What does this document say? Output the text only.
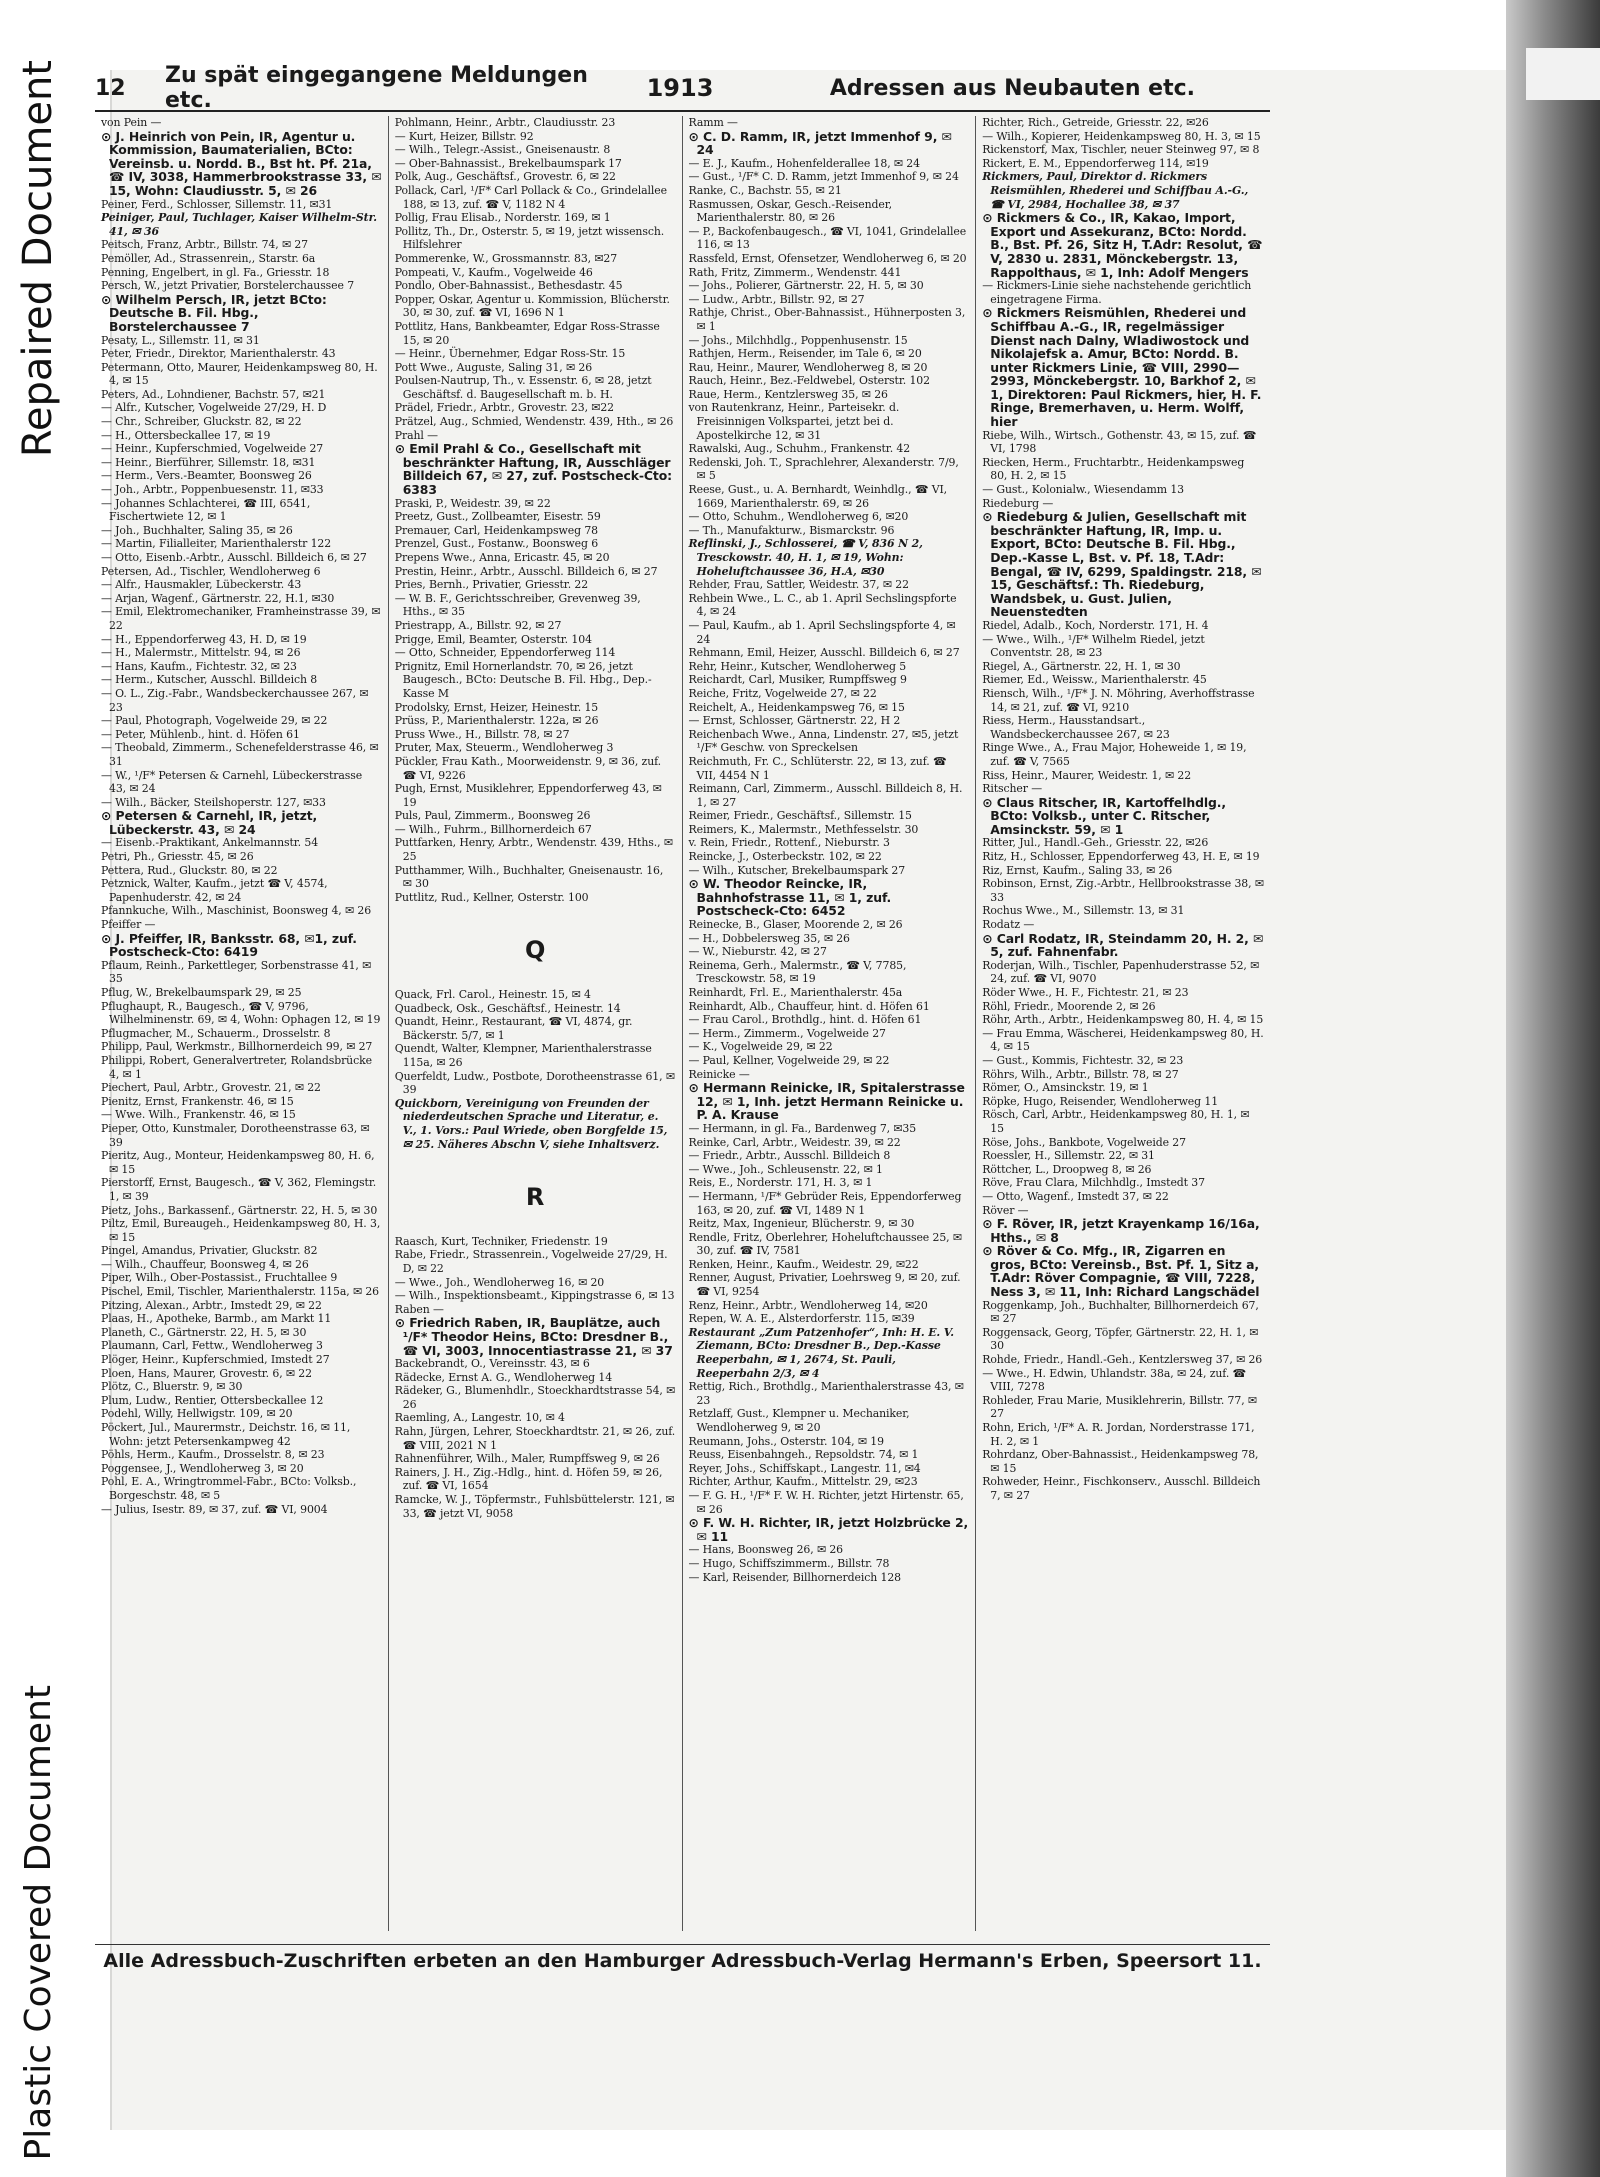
Repaired Document
Plastic Covered Document
12	Zu spät eingegangene Meldungen etc.	1913	Adressen aus Neubauten etc.

von Pein —

⊙ J. Heinrich von Pein, IR, Agentur u. Kommission, Baumaterialien, BCto: Vereinsb. u. Nordd. B., Bst ht. Pf. 21a, ☎ IV, 3038, Hammerbrookstrasse 33, ✉ 15, Wohn: Claudiusstr. 5, ✉ 26

Peiner, Ferd., Schlosser, Sillemstr. 11, ✉31

Peiniger, Paul, Tuchlager, Kaiser Wilhelm-Str. 41, ✉ 36

Peitsch, Franz, Arbtr., Billstr. 74, ✉ 27

Pemöller, Ad., Strassenrein,, Starstr. 6a

Penning, Engelbert, in gl. Fa., Griesstr. 18

Persch, W., jetzt Privatier, Borstelerchaussee 7

⊙ Wilhelm Persch, IR, jetzt BCto: Deutsche B. Fil. Hbg., Borstelerchaussee 7

Pesaty, L., Sillemstr. 11, ✉ 31

Peter, Friedr., Direktor, Marienthalerstr. 43

Petermann, Otto, Maurer, Heidenkampsweg 80, H. 4, ✉ 15

Peters, Ad., Lohndiener, Bachstr. 57, ✉21

— Alfr., Kutscher, Vogelweide 27/29, H. D

— Chr., Schreiber, Gluckstr. 82, ✉ 22

— H., Ottersbeckallee 17, ✉ 19

— Heinr., Kupferschmied, Vogelweide 27

— Heinr., Bierführer, Sillemstr. 18, ✉31

— Herm., Vers.-Beamter, Boonsweg 26

— Joh., Arbtr., Poppenbuesenstr. 11, ✉33

— Johannes Schlachterei, ☎ III, 6541, Fischertwiete 12, ✉ 1

— Joh., Buchhalter, Saling 35, ✉ 26

— Martin, Filialleiter, Marienthalerstr 122

— Otto, Eisenb.-Arbtr., Ausschl. Billdeich 6, ✉ 27

Petersen, Ad., Tischler, Wendloherweg 6

— Alfr., Hausmakler, Lübeckerstr. 43

— Arjan, Wagenf., Gärtnerstr. 22, H.1, ✉30

— Emil, Elektromechaniker, Framheinstrasse 39, ✉ 22

— H., Eppendorferweg 43, H. D, ✉ 19

— H., Malermstr., Mittelstr. 94, ✉ 26

— Hans, Kaufm., Fichtestr. 32, ✉ 23

— Herm., Kutscher, Ausschl. Billdeich 8

— O. L., Zig.-Fabr., Wandsbeckerchaussee 267, ✉ 23

— Paul, Photograph, Vogelweide 29, ✉ 22

— Peter, Mühlenb., hint. d. Höfen 61

— Theobald, Zimmerm., Schenefelderstrasse 46, ✉ 31

— W., ¹/F* Petersen & Carnehl, Lübeckerstrasse 43, ✉ 24

— Wilh., Bäcker, Steilshoperstr. 127, ✉33

⊙ Petersen & Carnehl, IR, jetzt, Lübeckerstr. 43, ✉ 24

— Eisenb.-Praktikant, Ankelmannstr. 54

Petri, Ph., Griesstr. 45, ✉ 26

Pettera, Rud., Gluckstr. 80, ✉ 22

Petznick, Walter, Kaufm., jetzt ☎ V, 4574, Papenhuderstr. 42, ✉ 24

Pfannkuche, Wilh., Maschinist, Boonsweg 4, ✉ 26

Pfeiffer —

⊙ J. Pfeiffer, IR, Banksstr. 68, ✉1, zuf. Postscheck-Cto: 6419

Pflaum, Reinh., Parkettleger, Sorbenstrasse 41, ✉ 35

Pflug, W., Brekelbaumspark 29, ✉ 25

Pflughaupt, R., Baugesch., ☎ V, 9796, Wilhelminenstr. 69, ✉ 4, Wohn: Ophagen 12, ✉ 19

Pflugmacher, M., Schauerm., Drosselstr. 8

Philipp, Paul, Werkmstr., Billhornerdeich 99, ✉ 27

Philippi, Robert, Generalvertreter, Rolandsbrücke 4, ✉ 1

Piechert, Paul, Arbtr., Grovestr. 21, ✉ 22

Pienitz, Ernst, Frankenstr. 46, ✉ 15

— Wwe. Wilh., Frankenstr. 46, ✉ 15

Pieper, Otto, Kunstmaler, Dorotheenstrasse 63, ✉ 39

Pieritz, Aug., Monteur, Heidenkampsweg 80, H. 6, ✉ 15

Pierstorff, Ernst, Baugesch., ☎ V, 362, Flemingstr. 1, ✉ 39

Pietz, Johs., Barkassenf., Gärtnerstr. 22, H. 5, ✉ 30

Piltz, Emil, Bureaugeh., Heidenkampsweg 80, H. 3, ✉ 15

Pingel, Amandus, Privatier, Gluckstr. 82

— Wilh., Chauffeur, Boonsweg 4, ✉ 26

Piper, Wilh., Ober-Postassist., Fruchtallee 9

Pischel, Emil, Tischler, Marienthalerstr. 115a, ✉ 26

Pitzing, Alexan., Arbtr., Imstedt 29, ✉ 22

Plaas, H., Apotheke, Barmb., am Markt 11

Planeth, C., Gärtnerstr. 22, H. 5, ✉ 30

Plaumann, Carl, Fettw., Wendloherweg 3

Plöger, Heinr., Kupferschmied, Imstedt 27

Ploen, Hans, Maurer, Grovestr. 6, ✉ 22

Plötz, C., Bluerstr. 9, ✉ 30

Plum, Ludw., Rentier, Ottersbeckallee 12

Podehl, Willy, Hellwigstr. 109, ✉ 20

Pöckert, Jul., Maurermstr., Deichstr. 16, ✉ 11, Wohn: jetzt Petersenkampweg 42

Pöhls, Herm., Kaufm., Drosselstr. 8, ✉ 23

Poggensee, J., Wendloherweg 3, ✉ 20

Pohl, E. A., Wringtrommel-Fabr., BCto: Volksb., Borgeschstr. 48, ✉ 5

— Julius, Isestr. 89, ✉ 37, zuf. ☎ VI, 9004

Pohlmann, Heinr., Arbtr., Claudiusstr. 23

— Kurt, Heizer, Billstr. 92

— Wilh., Telegr.-Assist., Gneisenaustr. 8

— Ober-Bahnassist., Brekelbaumspark 17

Polk, Aug., Geschäftsf., Grovestr. 6, ✉ 22

Pollack, Carl, ¹/F* Carl Pollack & Co., Grindelallee 188, ✉ 13, zuf. ☎ V, 1182 N 4

Pollig, Frau Elisab., Norderstr. 169, ✉ 1

Pollitz, Th., Dr., Osterstr. 5, ✉ 19, jetzt wissensch. Hilfslehrer

Pommerenke, W., Grossmannstr. 83, ✉27

Pompeati, V., Kaufm., Vogelweide 46

Pondlo, Ober-Bahnassist., Bethesdastr. 45

Popper, Oskar, Agentur u. Kommission, Blücherstr. 30, ✉ 30, zuf. ☎ VI, 1696 N 1

Pottlitz, Hans, Bankbeamter, Edgar Ross-Strasse 15, ✉ 20

— Heinr., Übernehmer, Edgar Ross-Str. 15

Pott Wwe., Auguste, Saling 31, ✉ 26

Poulsen-Nautrup, Th., v. Essenstr. 6, ✉ 28, jetzt Geschäftsf. d. Baugesellschaft m. b. H.

Prädel, Friedr., Arbtr., Grovestr. 23, ✉22

Prätzel, Aug., Schmied, Wendenstr. 439, Hth., ✉ 26

Prahl —

⊙ Emil Prahl & Co., Gesellschaft mit beschränkter Haftung, IR, Ausschläger Billdeich 67, ✉ 27, zuf. Postscheck-Cto: 6383

Praski, P., Weidestr. 39, ✉ 22

Preetz, Gust., Zollbeamter, Eisestr. 59

Premauer, Carl, Heidenkampsweg 78

Prenzel, Gust., Fostanw., Boonsweg 6

Prepens Wwe., Anna, Ericastr. 45, ✉ 20

Prestin, Heinr., Arbtr., Ausschl. Billdeich 6, ✉ 27

Pries, Bernh., Privatier, Griesstr. 22

— W. B. F., Gerichtsschreiber, Grevenweg 39, Hths., ✉ 35

Priestrapp, A., Billstr. 92, ✉ 27

Prigge, Emil, Beamter, Osterstr. 104

— Otto, Schneider, Eppendorferweg 114

Prignitz, Emil Hornerlandstr. 70, ✉ 26, jetzt Baugesch., BCto: Deutsche B. Fil. Hbg., Dep.-Kasse M

Prodolsky, Ernst, Heizer, Heinestr. 15

Prüss, P., Marienthalerstr. 122a, ✉ 26

Pruss Wwe., H., Billstr. 78, ✉ 27

Pruter, Max, Steuerm., Wendloherweg 3

Pückler, Frau Kath., Moorweidenstr. 9, ✉ 36, zuf. ☎ VI, 9226

Pugh, Ernst, Musiklehrer, Eppendorferweg 43, ✉ 19

Puls, Paul, Zimmerm., Boonsweg 26

— Wilh., Fuhrm., Billhornerdeich 67

Puttfarken, Henry, Arbtr., Wendenstr. 439, Hths., ✉ 25

Putthammer, Wilh., Buchhalter, Gneisenaustr. 16, ✉ 30

Puttlitz, Rud., Kellner, Osterstr. 100

Q

Quack, Frl. Carol., Heinestr. 15, ✉ 4

Quadbeck, Osk., Geschäftsf., Heinestr. 14

Quandt, Heinr., Restaurant, ☎ VI, 4874, gr. Bäckerstr. 5/7, ✉ 1

Quendt, Walter, Klempner, Marienthalerstrasse 115a, ✉ 26

Querfeldt, Ludw., Postbote, Dorotheenstrasse 61, ✉ 39

Quickborn, Vereinigung von Freunden der niederdeutschen Sprache und Literatur, e. V., 1. Vors.: Paul Wriede, oben Borgfelde 15, ✉ 25. Näheres Abschn V, siehe Inhaltsverz.

R

Raasch, Kurt, Techniker, Friedenstr. 19

Rabe, Friedr., Strassenrein., Vogelweide 27/29, H. D, ✉ 22

— Wwe., Joh., Wendloherweg 16, ✉ 20

— Wilh., Inspektionsbeamt., Kippingstrasse 6, ✉ 13

Raben —

⊙ Friedrich Raben, IR, Bauplätze, auch ¹/F* Theodor Heins, BCto: Dresdner B., ☎ VI, 3003, Innocentiastrasse 21, ✉ 37

Backebrandt, O., Vereinsstr. 43, ✉ 6

Rädecke, Ernst A. G., Wendloherweg 14

Rädeker, G., Blumenhdlr., Stoeckhardtstrasse 54, ✉ 26

Raemling, A., Langestr. 10, ✉ 4

Rahn, Jürgen, Lehrer, Stoeckhardtstr. 21, ✉ 26, zuf. ☎ VIII, 2021 N 1

Rahnenführer, Wilh., Maler, Rumpffsweg 9, ✉ 26

Rainers, J. H., Zig.-Hdlg., hint. d. Höfen 59, ✉ 26, zuf. ☎ VI, 1654

Ramcke, W. J., Töpfermstr., Fuhlsbüttelerstr. 121, ✉ 33, ☎ jetzt VI, 9058

Ramm —

⊙ C. D. Ramm, IR, jetzt Immenhof 9, ✉ 24

— E. J., Kaufm., Hohenfelderallee 18, ✉ 24

— Gust., ¹/F* C. D. Ramm, jetzt Immenhof 9, ✉ 24

Ranke, C., Bachstr. 55, ✉ 21

Rasmussen, Oskar, Gesch.-Reisender, Marienthalerstr. 80, ✉ 26

— P., Backofenbaugesch., ☎ VI, 1041, Grindelallee 116, ✉ 13

Rassfeld, Ernst, Ofensetzer, Wendloherweg 6, ✉ 20

Rath, Fritz, Zimmerm., Wendenstr. 441

— Johs., Polierer, Gärtnerstr. 22, H. 5, ✉ 30

— Ludw., Arbtr., Billstr. 92, ✉ 27

Rathje, Christ., Ober-Bahnassist., Hühnerposten 3, ✉ 1

— Johs., Milchhdlg., Poppenhusenstr. 15

Rathjen, Herm., Reisender, im Tale 6, ✉ 20

Rau, Heinr., Maurer, Wendloherweg 8, ✉ 20

Rauch, Heinr., Bez.-Feldwebel, Osterstr. 102

Raue, Herm., Kentzlersweg 35, ✉ 26

von Rautenkranz, Heinr., Parteisekr. d. Freisinnigen Volkspartei, jetzt bei d. Apostelkirche 12, ✉ 31

Rawalski, Aug., Schuhm., Frankenstr. 42

Redenski, Joh. T., Sprachlehrer, Alexanderstr. 7/9, ✉ 5

Reese, Gust., u. A. Bernhardt, Weinhdlg., ☎ VI, 1669, Marienthalerstr. 69, ✉ 26

— Otto, Schuhm., Wendloherweg 6, ✉20

— Th., Manufakturw., Bismarckstr. 96

Reflinski, J., Schlosserei, ☎ V, 836 N 2, Tresckowstr. 40, H. 1, ✉ 19, Wohn: Hoheluftchaussee 36, H.A, ✉30

Rehder, Frau, Sattler, Weidestr. 37, ✉ 22

Rehbein Wwe., L. C., ab 1. April Sechslingspforte 4, ✉ 24

— Paul, Kaufm., ab 1. April Sechslingspforte 4, ✉ 24

Rehmann, Emil, Heizer, Ausschl. Billdeich 6, ✉ 27

Rehr, Heinr., Kutscher, Wendloherweg 5

Reichardt, Carl, Musiker, Rumpffsweg 9

Reiche, Fritz, Vogelweide 27, ✉ 22

Reichelt, A., Heidenkampsweg 76, ✉ 15

— Ernst, Schlosser, Gärtnerstr. 22, H 2

Reichenbach Wwe., Anna, Lindenstr. 27, ✉5, jetzt ¹/F* Geschw. von Spreckelsen

Reichmuth, Fr. C., Schlüterstr. 22, ✉ 13, zuf. ☎ VII, 4454 N 1

Reimann, Carl, Zimmerm., Ausschl. Billdeich 8, H. 1, ✉ 27

Reimer, Friedr., Geschäftsf., Sillemstr. 15

Reimers, K., Malermstr., Methfesselstr. 30

v. Rein, Friedr., Rottenf., Nieburstr. 3

Reincke, J., Osterbeckstr. 102, ✉ 22

— Wilh., Kutscher, Brekelbaumspark 27

⊙ W. Theodor Reincke, IR, Bahnhofstrasse 11, ✉ 1, zuf. Postscheck-Cto: 6452

Reinecke, B., Glaser, Moorende 2, ✉ 26

— H., Dobbelersweg 35, ✉ 26

— W., Nieburstr. 42, ✉ 27

Reinema, Gerh., Malermstr., ☎ V, 7785, Tresckowstr. 58, ✉ 19

Reinhardt, Frl. E., Marienthalerstr. 45a

Reinhardt, Alb., Chauffeur, hint. d. Höfen 61

— Frau Carol., Brothdlg., hint. d. Höfen 61

— Herm., Zimmerm., Vogelweide 27

— K., Vogelweide 29, ✉ 22

— Paul, Kellner, Vogelweide 29, ✉ 22

Reinicke —

⊙ Hermann Reinicke, IR, Spitalerstrasse 12, ✉ 1, Inh. jetzt Hermann Reinicke u. P. A. Krause

— Hermann, in gl. Fa., Bardenweg 7, ✉35

Reinke, Carl, Arbtr., Weidestr. 39, ✉ 22

— Friedr., Arbtr., Ausschl. Billdeich 8

— Wwe., Joh., Schleusenstr. 22, ✉ 1

Reis, E., Norderstr. 171, H. 3, ✉ 1

— Hermann, ¹/F* Gebrüder Reis, Eppendorferweg 163, ✉ 20, zuf. ☎ VI, 1489 N 1

Reitz, Max, Ingenieur, Blücherstr. 9, ✉ 30

Rendle, Fritz, Oberlehrer, Hoheluftchaussee 25, ✉ 30, zuf. ☎ IV, 7581

Renken, Heinr., Kaufm., Weidestr. 29, ✉22

Renner, August, Privatier, Loehrsweg 9, ✉ 20, zuf. ☎ VI, 9254

Renz, Heinr., Arbtr., Wendloherweg 14, ✉20

Repen, W. A. E., Alsterdorferstr. 115, ✉39

Restaurant „Zum Patzenhofer“, Inh: H. E. V. Ziemann, BCto: Dresdner B., Dep.-Kasse Reeperbahn, ✉ 1, 2674, St. Pauli, Reeperbahn 2/3, ✉ 4

Rettig, Rich., Brothdlg., Marienthalerstrasse 43, ✉ 23

Retzlaff, Gust., Klempner u. Mechaniker, Wendloherweg 9, ✉ 20

Reumann, Johs., Osterstr. 104, ✉ 19

Reuss, Eisenbahngeh., Repsoldstr. 74, ✉ 1

Reyer, Johs., Schiffskapt., Langestr. 11, ✉4

Richter, Arthur, Kaufm., Mittelstr. 29, ✉23

— F. G. H., ¹/F* F. W. H. Richter, jetzt Hirtenstr. 65, ✉ 26

⊙ F. W. H. Richter, IR, jetzt Holzbrücke 2, ✉ 11

— Hans, Boonsweg 26, ✉ 26

— Hugo, Schiffszimmerm., Billstr. 78

— Karl, Reisender, Billhornerdeich 128

Richter, Rich., Getreide, Griesstr. 22, ✉26

— Wilh., Kopierer, Heidenkampsweg 80, H. 3, ✉ 15

Rickenstorf, Max, Tischler, neuer Steinweg 97, ✉ 8

Rickert, E. M., Eppendorferweg 114, ✉19

Rickmers, Paul, Direktor d. Rickmers Reismühlen, Rhederei und Schiffbau A.-G., ☎ VI, 2984, Hochallee 38, ✉ 37

⊙ Rickmers & Co., IR, Kakao, Import, Export und Assekuranz, BCto: Nordd. B., Bst. Pf. 26, Sitz H, T.Adr: Resolut, ☎ V, 2830 u. 2831, Mönckebergstr. 13, Rappolthaus, ✉ 1, Inh: Adolf Mengers

— Rickmers-Linie siehe nachstehende gerichtlich eingetragene Firma.

⊙ Rickmers Reismühlen, Rhederei und Schiffbau A.-G., IR, regelmässiger Dienst nach Dalny, Wladiwostock und Nikolajefsk a. Amur, BCto: Nordd. B. unter Rickmers Linie, ☎ VIII, 2990—2993, Mönckebergstr. 10, Barkhof 2, ✉ 1, Direktoren: Paul Rickmers, hier, H. F. Ringe, Bremerhaven, u. Herm. Wolff, hier

Riebe, Wilh., Wirtsch., Gothenstr. 43, ✉ 15, zuf. ☎ VI, 1798

Riecken, Herm., Fruchtarbtr., Heidenkampsweg 80, H. 2, ✉ 15

— Gust., Kolonialw., Wiesendamm 13

Riedeburg —

⊙ Riedeburg & Julien, Gesellschaft mit beschränkter Haftung, IR, Imp. u. Export, BCto: Deutsche B. Fil. Hbg., Dep.-Kasse L, Bst. v. Pf. 18, T.Adr: Bengal, ☎ IV, 6299, Spaldingstr. 218, ✉ 15, Geschäftsf.: Th. Riedeburg, Wandsbek, u. Gust. Julien, Neuenstedten

Riedel, Adalb., Koch, Norderstr. 171, H. 4

— Wwe., Wilh., ¹/F* Wilhelm Riedel, jetzt Conventstr. 28, ✉ 23

Riegel, A., Gärtnerstr. 22, H. 1, ✉ 30

Riemer, Ed., Weissw., Marienthalerstr. 45

Riensch, Wilh., ¹/F* J. N. Möhring, Averhoffstrasse 14, ✉ 21, zuf. ☎ VI, 9210

Riess, Herm., Hausstandsart., Wandsbeckerchaussee 267, ✉ 23

Ringe Wwe., A., Frau Major, Hoheweide 1, ✉ 19, zuf. ☎ V, 7565

Riss, Heinr., Maurer, Weidestr. 1, ✉ 22

Ritscher —

⊙ Claus Ritscher, IR, Kartoffelhdlg., BCto: Volksb., unter C. Ritscher, Amsinckstr. 59, ✉ 1

Ritter, Jul., Handl.-Geh., Griesstr. 22, ✉26

Ritz, H., Schlosser, Eppendorferweg 43, H. E, ✉ 19

Riz, Ernst, Kaufm., Saling 33, ✉ 26

Robinson, Ernst, Zig.-Arbtr., Hellbrookstrasse 38, ✉ 33

Rochus Wwe., M., Sillemstr. 13, ✉ 31

Rodatz —

⊙ Carl Rodatz, IR, Steindamm 20, H. 2, ✉ 5, zuf. Fahnenfabr.

Roderjan, Wilh., Tischler, Papenhuderstrasse 52, ✉ 24, zuf. ☎ VI, 9070

Röder Wwe., H. F., Fichtestr. 21, ✉ 23

Röhl, Friedr., Moorende 2, ✉ 26

Röhr, Arth., Arbtr., Heidenkampsweg 80, H. 4, ✉ 15

— Frau Emma, Wäscherei, Heidenkampsweg 80, H. 4, ✉ 15

— Gust., Kommis, Fichtestr. 32, ✉ 23

Röhrs, Wilh., Arbtr., Billstr. 78, ✉ 27

Römer, O., Amsinckstr. 19, ✉ 1

Röpke, Hugo, Reisender, Wendloherweg 11

Rösch, Carl, Arbtr., Heidenkampsweg 80, H. 1, ✉ 15

Röse, Johs., Bankbote, Vogelweide 27

Roessler, H., Sillemstr. 22, ✉ 31

Röttcher, L., Droopweg 8, ✉ 26

Röve, Frau Clara, Milchhdlg., Imstedt 37

— Otto, Wagenf., Imstedt 37, ✉ 22

Röver —

⊙ F. Röver, IR, jetzt Krayenkamp 16/16a, Hths., ✉ 8

⊙ Röver & Co. Mfg., IR, Zigarren en gros, BCto: Vereinsb., Bst. Pf. 1, Sitz a, T.Adr: Röver Compagnie, ☎ VIII, 7228, Ness 3, ✉ 11, Inh: Richard Langschädel

Roggenkamp, Joh., Buchhalter, Billhornerdeich 67, ✉ 27

Roggensack, Georg, Töpfer, Gärtnerstr. 22, H. 1, ✉ 30

Rohde, Friedr., Handl.-Geh., Kentzlersweg 37, ✉ 26

— Wwe., H. Edwin, Uhlandstr. 38a, ✉ 24, zuf. ☎ VIII, 7278

Rohleder, Frau Marie, Musiklehrerin, Billstr. 77, ✉ 27

Rohn, Erich, ¹/F* A. R. Jordan, Norderstrasse 171, H. 2, ✉ 1

Rohrdanz, Ober-Bahnassist., Heidenkampsweg 78, ✉ 15

Rohweder, Heinr., Fischkonserv., Ausschl. Billdeich 7, ✉ 27

Alle Adressbuch-Zuschriften erbeten an den Hamburger Adressbuch-Verlag Hermann's Erben, Speersort 11.
